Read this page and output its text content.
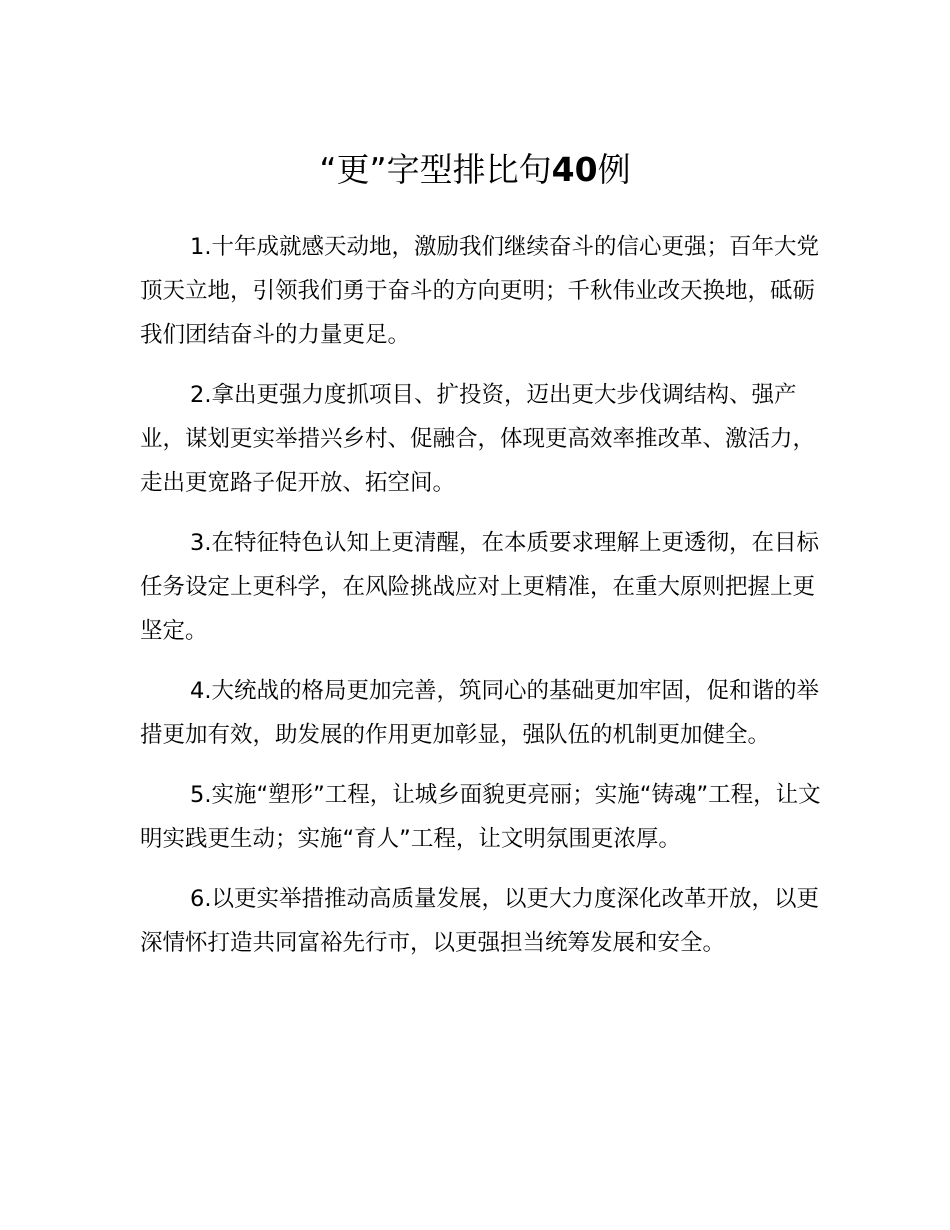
“更”字型排比句40例

1.十年成就感天动地，激励我们继续奋斗的信心更强；百年大党顶天立地，引领我们勇于奋斗的方向更明；千秋伟业改天换地，砥砺我们团结奋斗的力量更足。

2.拿出更强力度抓项目、扩投资，迈出更大步伐调结构、强产业，谋划更实举措兴乡村、促融合，体现更高效率推改革、激活力，走出更宽路子促开放、拓空间。

3.在特征特色认知上更清醒，在本质要求理解上更透彻，在目标任务设定上更科学，在风险挑战应对上更精准，在重大原则把握上更坚定。

4.大统战的格局更加完善，筑同心的基础更加牢固，促和谐的举措更加有效，助发展的作用更加彰显，强队伍的机制更加健全。

5.实施“塑形”工程，让城乡面貌更亮丽；实施“铸魂”工程，让文明实践更生动；实施“育人”工程，让文明氛围更浓厚。

6.以更实举措推动高质量发展，以更大力度深化改革开放，以更深情怀打造共同富裕先行市，以更强担当统筹发展和安全。
